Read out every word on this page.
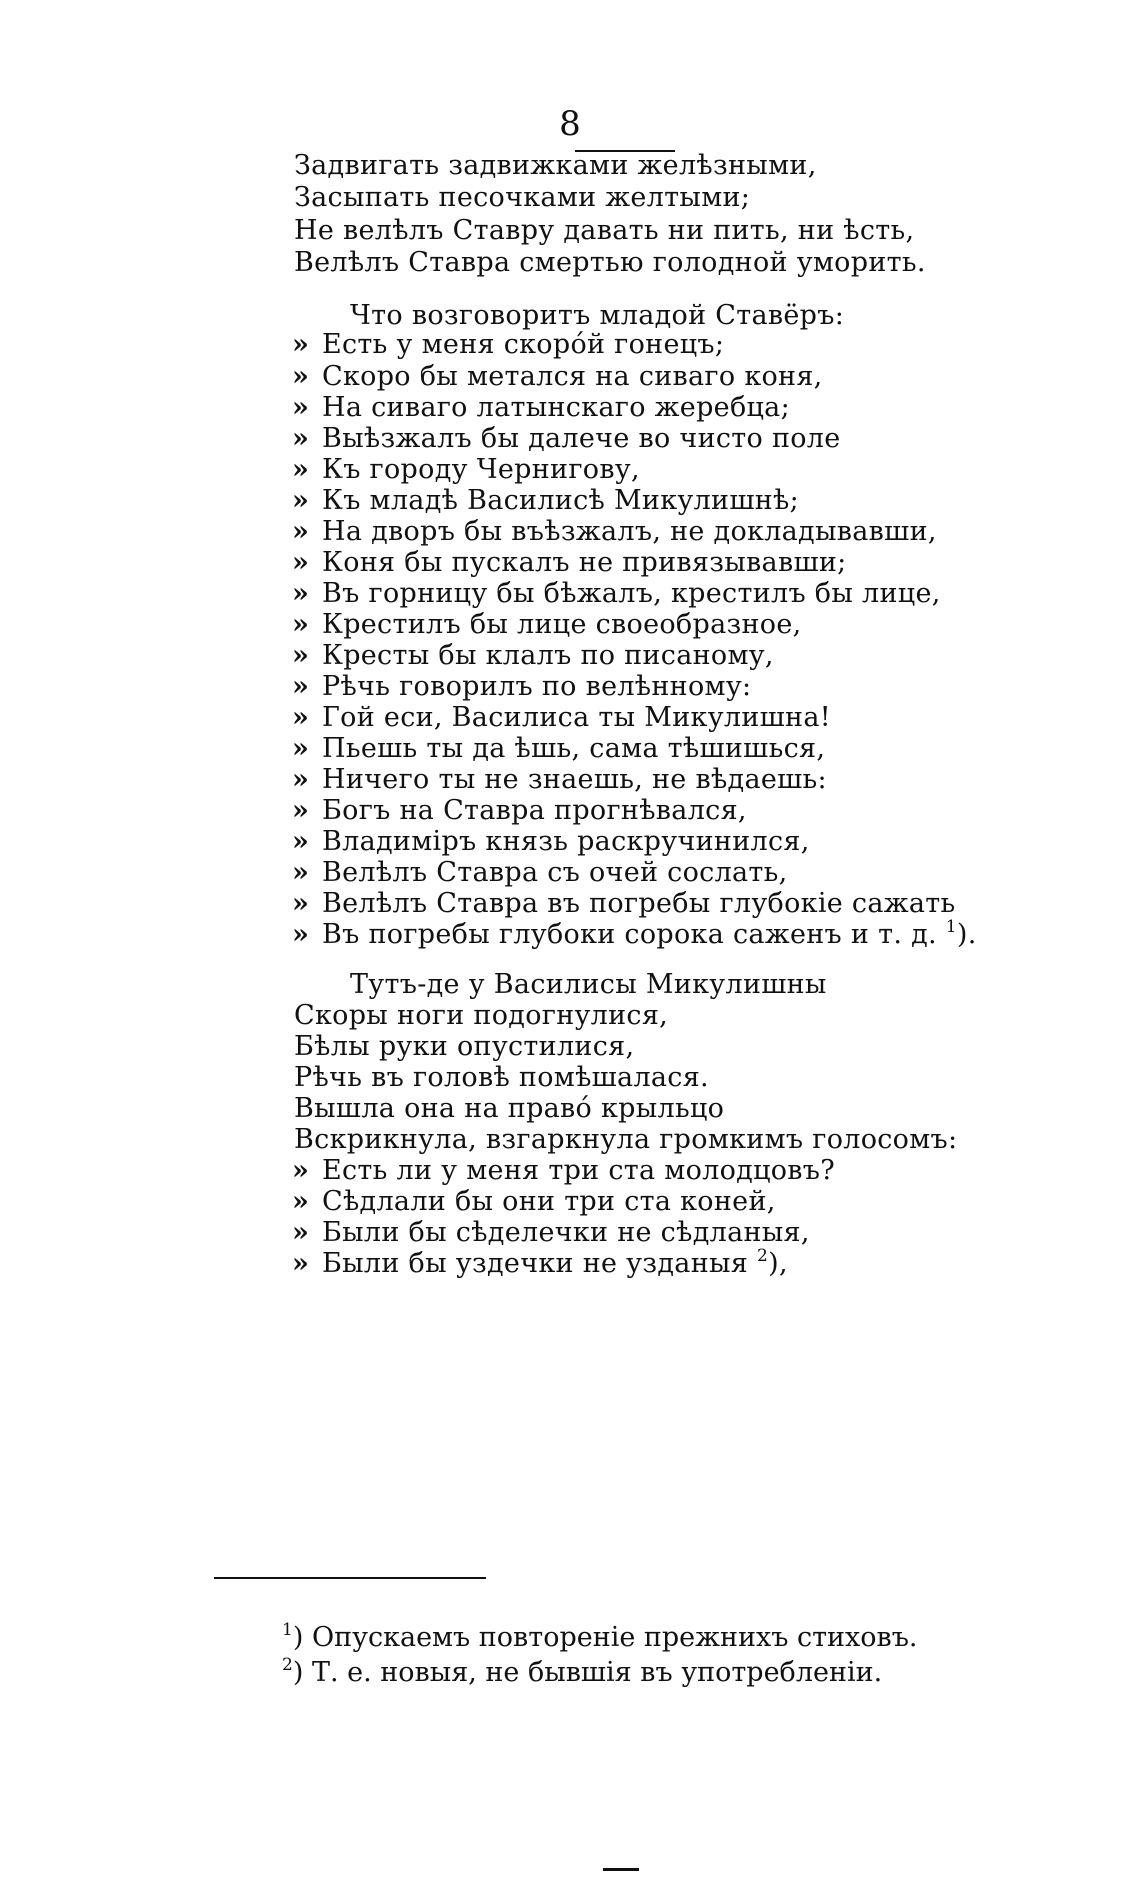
8
Задвигать задвижками желѣзными,
Засыпать песочками желтыми;
Не велѣлъ Ставру давать ни пить, ни ѣсть,
Велѣлъ Ставра смертью голодной уморить.
Что возговоритъ младой Ставёръ:
» Есть у меня скорóй гонецъ;
» Скоро бы метался на сиваго коня,
» На сиваго латынскаго жеребца;
» Выѣзжалъ бы далече во чисто поле
» Къ городу Чернигову,
» Къ младѣ Василисѣ Микулишнѣ;
» На дворъ бы въѣзжалъ, не докладывавши,
» Коня бы пускалъ не привязывавши;
» Въ горницу бы бѣжалъ, крестилъ бы лице,
» Крестилъ бы лице своеобразное,
» Кресты бы клалъ по писаному,
» Рѣчь говорилъ по велѣнному:
» Гой еси, Василиса ты Микулишна!
» Пьешь ты да ѣшь, сама тѣшишься,
» Ничего ты не знаешь, не вѣдаешь:
» Богъ на Ставра прогнѣвался,
» Владиміръ князь раскручинился,
» Велѣлъ Ставра съ очей сослать,
» Велѣлъ Ставра въ погребы глубокіе сажать
» Въ погребы глубоки сорока саженъ и т. д. $^1$).
Тутъ-де у Василисы Микулишны
Скоры ноги подогнулися,
Бѣлы руки опустилися,
Рѣчь въ головѣ помѣшалася.
Вышла она на правó крыльцо
Вскрикнула, взгаркнула громкимъ голосомъ:
» Есть ли у меня три ста молодцовъ?
» Сѣдлали бы они три ста коней,
» Были бы сѣделечки не сѣдланыя,
» Были бы уздечки не узданыя $^2$),
$^1$) Опускаемъ повтореніе прежнихъ стиховъ.
$^2$) Т. е. новыя, не бывшія въ употребленіи.
